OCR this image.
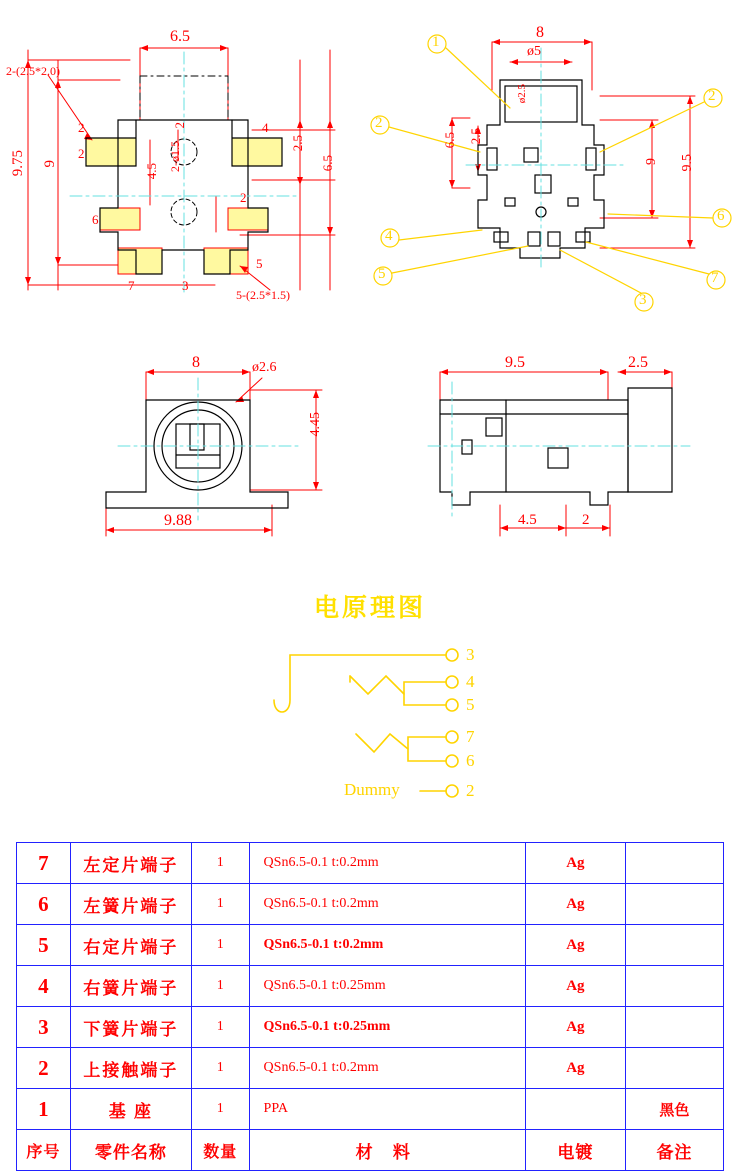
6.5
9.75 9
2.5
6.5
4.5
2
2	4
2
2
6
7	3
5
2-(2.5*2.0)
2-ø1.5
5-(2.5*1.5)
8
ø5
6.5 2.5
9 9.5
ø2.5
1
2
2
4
5
3
6
7
8	ø2.6
4.45
9.88
9.5	2.5
4.5	2
电原理图
3
4
5
7
6
2
Dummy
7	左定片端子	1	QSn6.5-0.1 t:0.2mm	Ag	
6	左簧片端子	1	QSn6.5-0.1 t:0.2mm	Ag	
5	右定片端子	1	QSn6.5-0.1 t:0.2mm	Ag	
4	右簧片端子	1	QSn6.5-0.1 t:0.25mm	Ag	
3	下簧片端子	1	QSn6.5-0.1 t:0.25mm	Ag	
2	上接触端子	1	QSn6.5-0.1 t:0.2mm	Ag	
1	基 座	1	PPA		黑色
序号	零件名称	数量	材 料	电镀	备注
